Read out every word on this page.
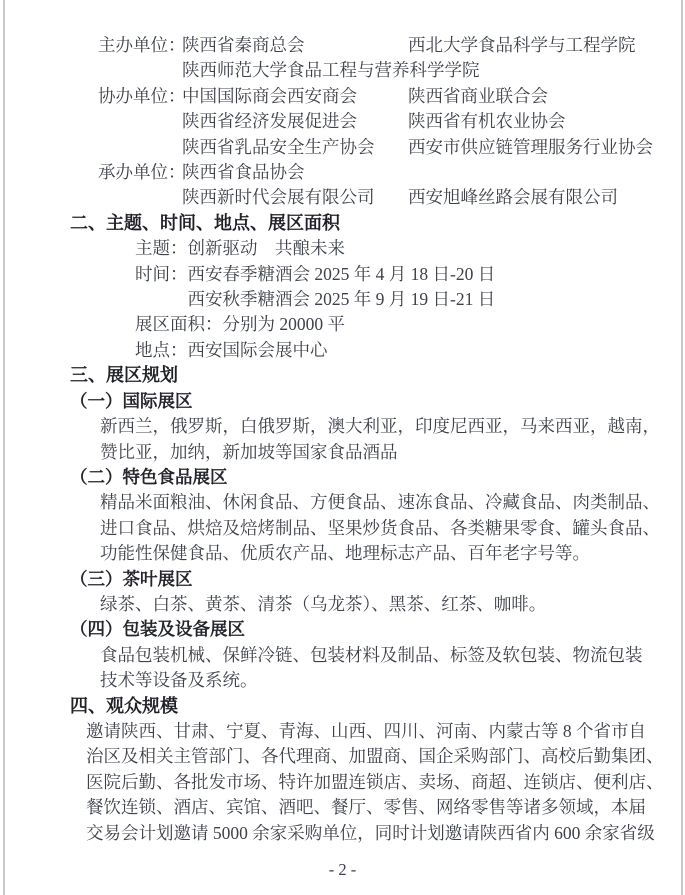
主办单位：
陕西省秦商总会	西北大学食品科学与工程学院
陕西师范大学食品工程与营养科学学院
协办单位：
中国国际商会西安商会	陕西省商业联合会
陕西省经济发展促进会	陕西省有机农业协会
陕西省乳品安全生产协会	西安市供应链管理服务行业协会
承办单位：
陕西省食品协会
陕西新时代会展有限公司	西安旭峰丝路会展有限公司
二、主题、时间、地点、展区面积
主题： 创新驱动　共酿未来
时间： 西安春季糖酒会 2025 年 4 月 18 日-20 日
西安秋季糖酒会 2025 年 9 月 19 日-21 日
展区面积： 分别为 20000 平
地点： 西安国际会展中心
三、展区规划
（一）国际展区
新西兰，俄罗斯，白俄罗斯，澳大利亚，印度尼西亚，马来西亚，越南，
赞比亚，加纳，新加坡等国家食品酒品
（二）特色食品展区
精品米面粮油、休闲食品、方便食品、速冻食品、冷藏食品、肉类制品、
进口食品、烘焙及焙烤制品、坚果炒货食品、各类糖果零食、罐头食品、
功能性保健食品、优质农产品、地理标志产品、百年老字号等。
（三）茶叶展区
绿茶、白茶、黄茶、清茶（乌龙茶）、黑茶、红茶、咖啡。
（四）包装及设备展区
食品包装机械、保鲜冷链、包装材料及制品、标签及软包装、物流包装
技术等设备及系统。
四、观众规模
邀请陕西、甘肃、宁夏、青海、山西、四川、河南、内蒙古等 8 个省市自
治区及相关主管部门、各代理商、加盟商、国企采购部门、高校后勤集团、
医院后勤、各批发市场、特许加盟连锁店、卖场、商超、连锁店、便利店、
餐饮连锁、酒店、宾馆、酒吧、餐厅、零售、网络零售等诸多领域，本届
交易会计划邀请 5000 余家采购单位，同时计划邀请陕西省内 600 余家省级
- 2 -
